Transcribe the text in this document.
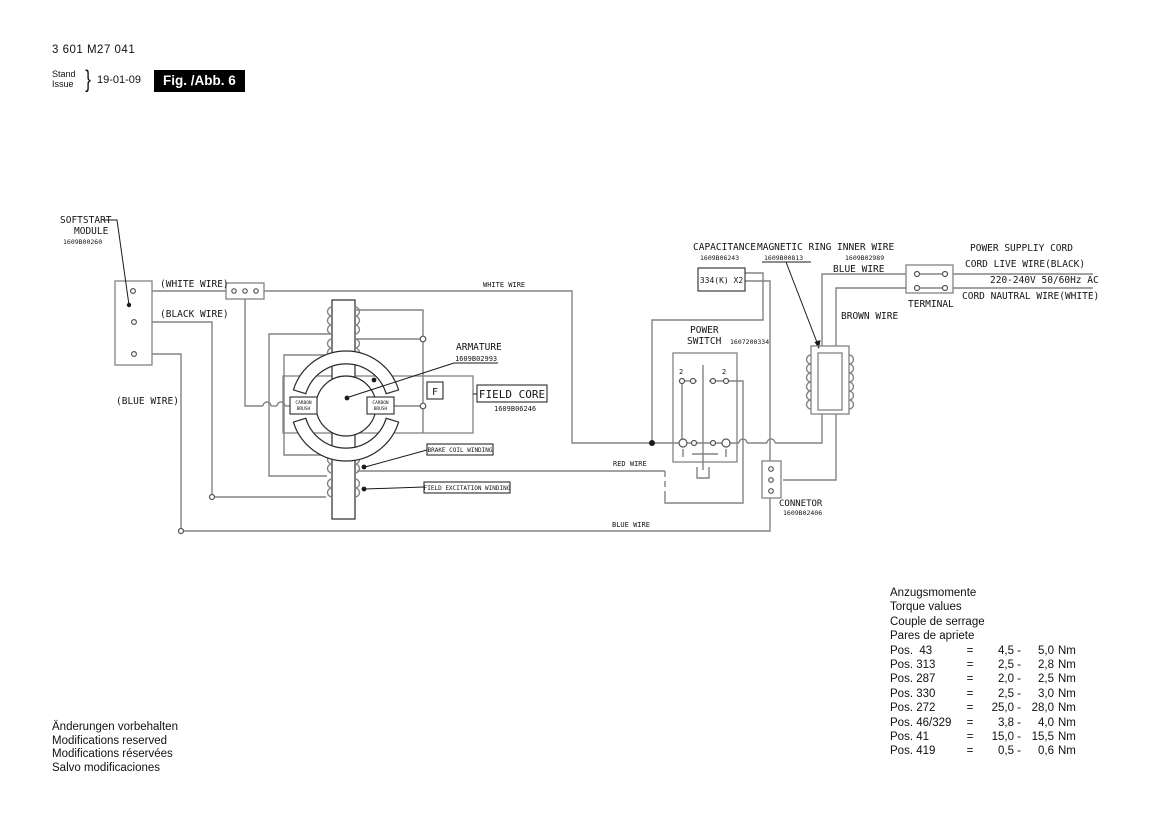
3 601 M27 041
Stand
Issue } 19-01-09	Fig. /Abb. 6
SOFTSTART
MODULE
1609B00260
(WHITE WIRE)
(BLACK WIRE)
(BLUE WIRE)
WHITE WIRE
RED WIRE
BLUE WIRE
CARBON
BRUSH
CARBON
BRUSH
F
ARMATURE
1609B02993
FIELD CORE
1609B06246
BRAKE COIL WINDING
FIELD EXCITATION WINDING
334(K) X2
CAPACITANCE
1609B06243
MAGNETIC RING
1609B00813
INNER WIRE
1609B02989
BLUE WIRE
BROWN WIRE
POWER
SWITCH 1607200334
2	2
CONNETOR
1609B02406
TERMINAL
POWER SUPPLIY CORD
CORD LIVE WIRE(BLACK)
220-240V 50/60Hz AC
CORD NAUTRAL WIRE(WHITE)
Anzugsmomente
Torque values
Couple de serrage
Pares de apriete
Pos.  43	=	4,5 -	5,0 Nm
Pos. 313	=	2,5 -	2,8 Nm
Pos. 287	=	2,0 -	2,5 Nm
Pos. 330	=	2,5 -	3,0 Nm
Pos. 272	=	25,0 - 28,0 Nm
Pos. 46/329	=	3,8 -	4,0 Nm
Pos. 41	=	15,0 - 15,5 Nm
Pos. 419	=	0,5 -	0,6 Nm
Änderungen vorbehalten
Modifications reserved
Modifications réservées
Salvo modificaciones
